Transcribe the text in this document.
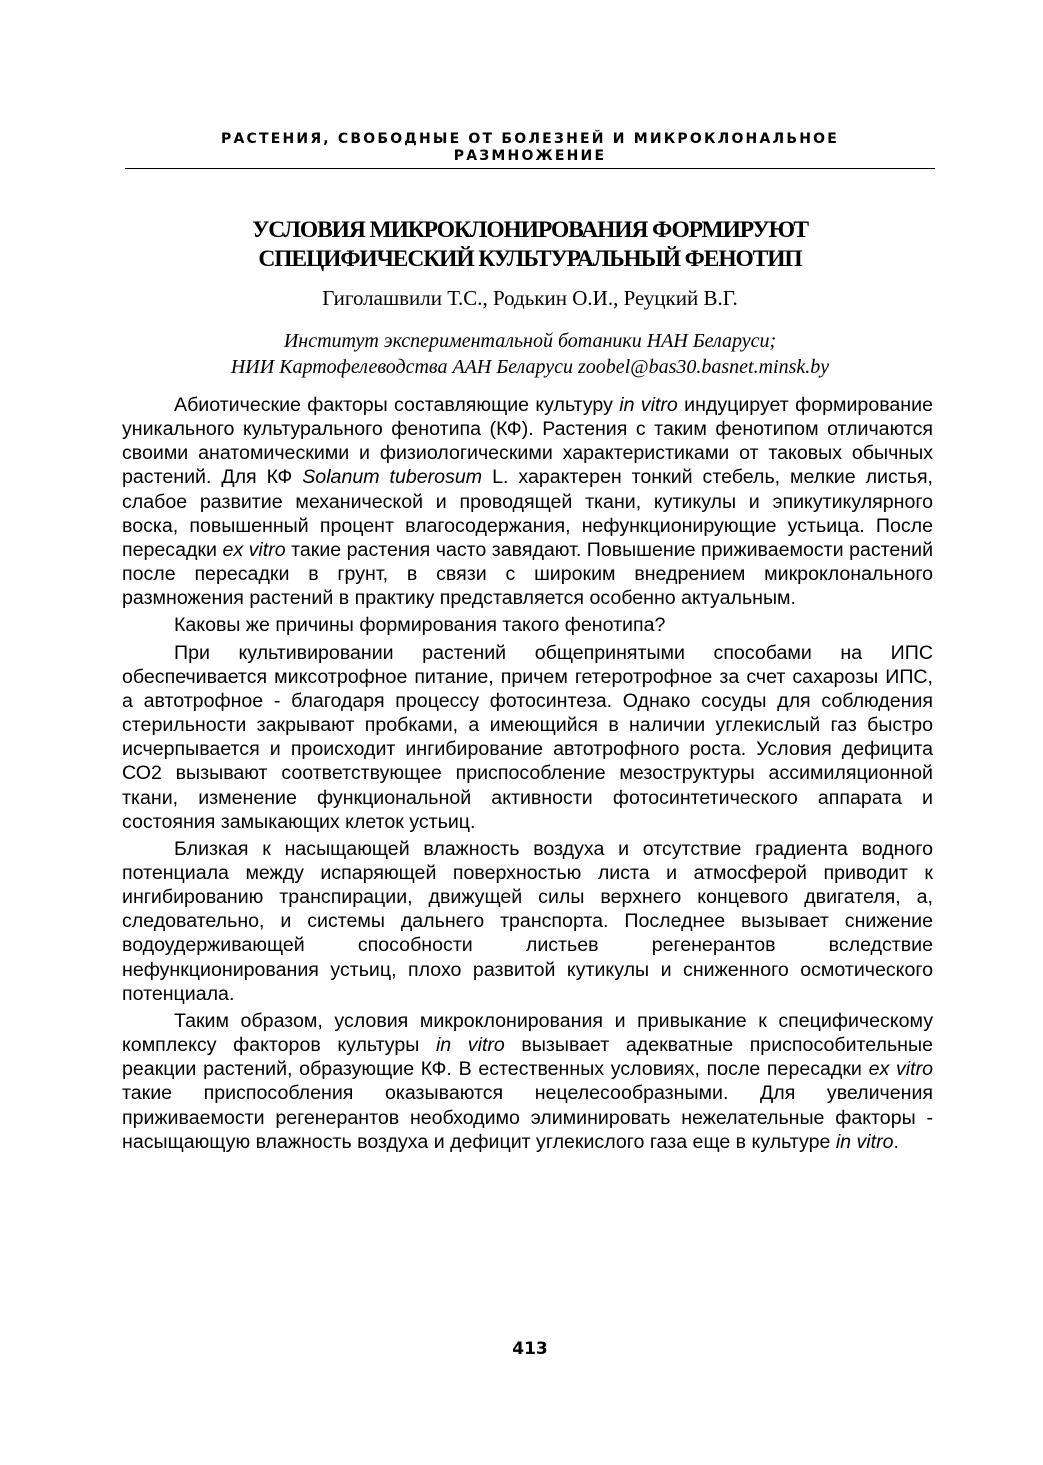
РАСТЕНИЯ, СВОБОДНЫЕ ОТ БОЛЕЗНЕЙ И МИКРОКЛОНАЛЬНОЕ
РАЗМНОЖЕНИЕ
УСЛОВИЯ МИКРОКЛОНИРОВАНИЯ ФОРМИРУЮТ
СПЕЦИФИЧЕСКИЙ КУЛЬТУРАЛЬНЫЙ ФЕНОТИП
Гиголашвили Т.С., Родькин О.И., Реуцкий В.Г.
Институт экспериментальной ботаники НАН Беларуси;
НИИ Картофелеводства ААН Беларуси zoobel@bas30.basnet.minsk.by

Абиотические факторы составляющие культуру in vitro индуцирует формирование уникального культурального фенотипа (КФ). Растения с таким фенотипом отличаются своими анатомическими и физиологическими характеристиками от таковых обычных растений. Для КФ Solanum tuberosum L. характерен тонкий стебель, мелкие листья, слабое развитие механической и проводящей ткани, кутикулы и эпикутикулярного воска, повышенный процент влагосодержания, нефункционирующие устьица. После пересадки ex vitro такие растения часто завядают. Повышение приживаемости растений после пересадки в грунт, в связи с широким внедрением микроклонального размножения растений в практику представляется особенно актуальным.

Каковы же причины формирования такого фенотипа?

При культивировании растений общепринятыми способами на ИПС обеспечивается миксотрофное питание, причем гетеротрофное за счет сахарозы ИПС, а автотрофное - благодаря процессу фотосинтеза. Однако сосуды для соблюдения стерильности закрывают пробками, а имеющийся в наличии углекислый газ быстро исчерпывается и происходит ингибирование автотрофного роста. Условия дефицита СО2 вызывают соответствующее приспособление мезоструктуры ассимиляционной ткани, изменение функциональной активности фотосинтетического аппарата и состояния замыкающих клеток устьиц.

Близкая к насыщающей влажность воздуха и отсутствие градиента водного потенциала между испаряющей поверхностью листа и атмосферой приводит к ингибированию транспирации, движущей силы верхнего концевого двигателя, а, следовательно, и системы дальнего транспорта. Последнее вызывает снижение водоудерживающей способности листьев регенерантов вследствие нефункционирования устьиц, плохо развитой кутикулы и сниженного осмотического потенциала.

Таким образом, условия микроклонирования и привыкание к специфическому комплексу факторов культуры in vitro вызывает адекватные приспособительные реакции растений, образующие КФ. В естественных условиях, после пересадки ex vitro такие приспособления оказываются нецелесообразными. Для увеличения приживаемости регенерантов необходимо элиминировать нежелательные факторы - насыщающую влажность воздуха и дефицит углекислого газа еще в культуре in vitro.

413
